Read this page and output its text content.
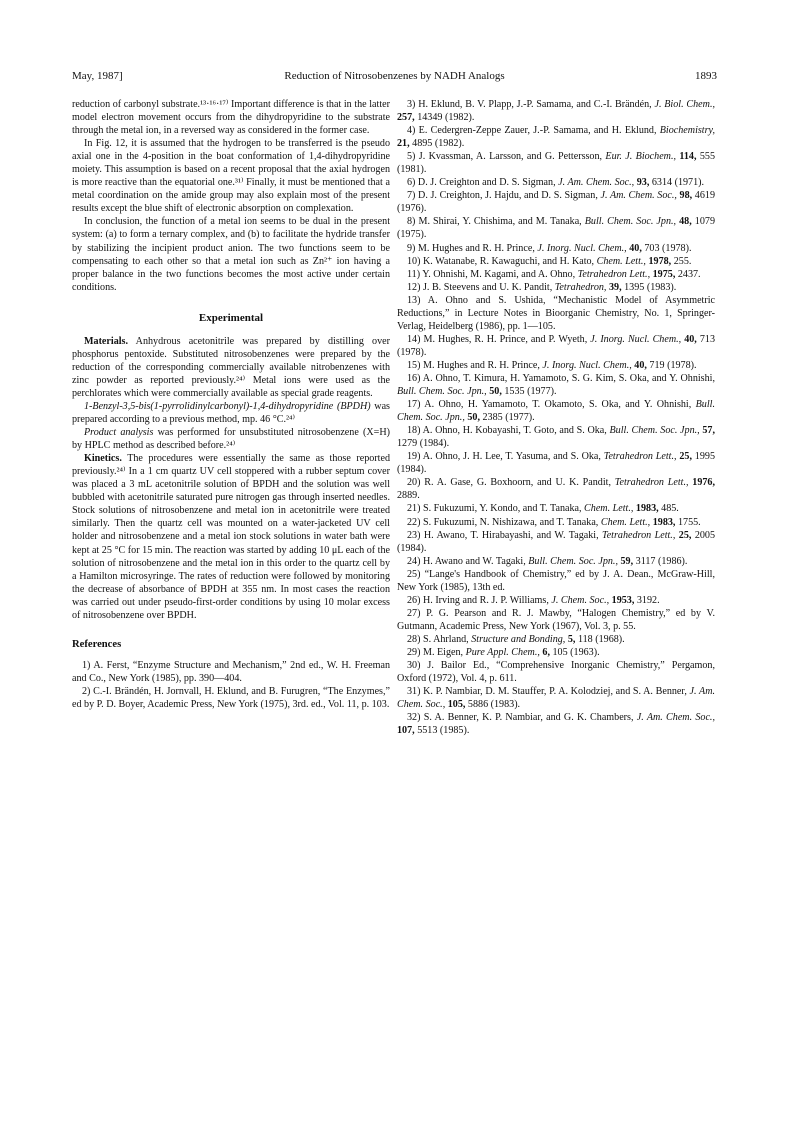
May, 1987]	Reduction of Nitrosobenzenes by NADH Analogs	1893

reduction of carbonyl substrate.¹³·¹⁶·¹⁷⁾ Important difference is that in the latter model electron movement occurs from the dihydropyridine to the substrate through the metal ion, in a reversed way as considered in the former case.

In Fig. 12, it is assumed that the hydrogen to be transferred is the pseudo axial one in the 4-position in the boat conformation of 1,4-dihydropyridine moiety. This assumption is based on a recent proposal that the axial hydrogen is more reactive than the equatorial one.³¹⁾ Finally, it must be mentioned that a metal coordination on the amide group may also explain most of the present results except the blue shift of electronic absorption on complexation.

In conclusion, the function of a metal ion seems to be dual in the present system: (a) to form a ternary complex, and (b) to facilitate the hydride transfer by stabilizing the incipient product anion. The two functions seem to be compensating to each other so that a metal ion such as Zn²⁺ ion having a proper balance in the two functions becomes the most active under certain conditions.

Experimental

Materials. Anhydrous acetonitrile was prepared by distilling over phosphorus pentoxide. Substituted nitrosobenzenes were prepared by the reduction of the corresponding commercially available nitrobenzenes with zinc powder as reported previously.²⁴⁾ Metal ions were used as the perchlorates which were commercially available as special grade reagents.

1-Benzyl-3,5-bis(1-pyrrolidinylcarbonyl)-1,4-dihydropyridine (BPDH) was prepared according to a previous method, mp. 46 °C.²⁴⁾

Product analysis was performed for unsubstituted nitrosobenzene (X=H) by HPLC method as described before.²⁴⁾

Kinetics. The procedures were essentially the same as those reported previously.²⁴⁾ In a 1 cm quartz UV cell stoppered with a rubber septum cover was placed a 3 mL acetonitrile solution of BPDH and the solution was well bubbled with acetonitrile saturated pure nitrogen gas through inserted needles. Stock solutions of nitrosobenzene and metal ion in acetonitrile were treated similarly. Then the quartz cell was mounted on a water-jacketed UV cell holder and nitrosobenzene and a metal ion stock solutions in water bath were kept at 25 °C for 15 min. The reaction was started by adding 10 μL each of the solution of nitrosobenzene and the metal ion in this order to the quartz cell by a Hamilton microsyringe. The rates of reduction were followed by monitoring the decrease of absorbance of BPDH at 355 nm. In most cases the reaction was carried out under pseudo-first-order conditions by using 10 molar excess of nitrosobenzene over BPDH.

References

1) A. Ferst, “Enzyme Structure and Mechanism,” 2nd ed., W. H. Freeman and Co., New York (1985), pp. 390—404.

2) C.-I. Brändén, H. Jornvall, H. Eklund, and B. Furugren, “The Enzymes,” ed by P. D. Boyer, Academic Press, New York (1975), 3rd. ed., Vol. 11, p. 103.

3) H. Eklund, B. V. Plapp, J.-P. Samama, and C.-I. Brändén, J. Biol. Chem., 257, 14349 (1982).

4) E. Cedergren-Zeppe Zauer, J.-P. Samama, and H. Eklund, Biochemistry, 21, 4895 (1982).

5) J. Kvassman, A. Larsson, and G. Pettersson, Eur. J. Biochem., 114, 555 (1981).

6) D. J. Creighton and D. S. Sigman, J. Am. Chem. Soc., 93, 6314 (1971).

7) D. J. Creighton, J. Hajdu, and D. S. Sigman, J. Am. Chem. Soc., 98, 4619 (1976).

8) M. Shirai, Y. Chishima, and M. Tanaka, Bull. Chem. Soc. Jpn., 48, 1079 (1975).

9) M. Hughes and R. H. Prince, J. Inorg. Nucl. Chem., 40, 703 (1978).

10) K. Watanabe, R. Kawaguchi, and H. Kato, Chem. Lett., 1978, 255.

11) Y. Ohnishi, M. Kagami, and A. Ohno, Tetrahedron Lett., 1975, 2437.

12) J. B. Steevens and U. K. Pandit, Tetrahedron, 39, 1395 (1983).

13) A. Ohno and S. Ushida, “Mechanistic Model of Asymmetric Reductions,” in Lecture Notes in Bioorganic Chemistry, No. 1, Springer-Verlag, Heidelberg (1986), pp. 1—105.

14) M. Hughes, R. H. Prince, and P. Wyeth, J. Inorg. Nucl. Chem., 40, 713 (1978).

15) M. Hughes and R. H. Prince, J. Inorg. Nucl. Chem., 40, 719 (1978).

16) A. Ohno, T. Kimura, H. Yamamoto, S. G. Kim, S. Oka, and Y. Ohnishi, Bull. Chem. Soc. Jpn., 50, 1535 (1977).

17) A. Ohno, H. Yamamoto, T. Okamoto, S. Oka, and Y. Ohnishi, Bull. Chem. Soc. Jpn., 50, 2385 (1977).

18) A. Ohno, H. Kobayashi, T. Goto, and S. Oka, Bull. Chem. Soc. Jpn., 57, 1279 (1984).

19) A. Ohno, J. H. Lee, T. Yasuma, and S. Oka, Tetrahedron Lett., 25, 1995 (1984).

20) R. A. Gase, G. Boxhoorn, and U. K. Pandit, Tetrahedron Lett., 1976, 2889.

21) S. Fukuzumi, Y. Kondo, and T. Tanaka, Chem. Lett., 1983, 485.

22) S. Fukuzumi, N. Nishizawa, and T. Tanaka, Chem. Lett., 1983, 1755.

23) H. Awano, T. Hirabayashi, and W. Tagaki, Tetrahedron Lett., 25, 2005 (1984).

24) H. Awano and W. Tagaki, Bull. Chem. Soc. Jpn., 59, 3117 (1986).

25) “Lange's Handbook of Chemistry,” ed by J. A. Dean., McGraw-Hill, New York (1985), 13th ed.

26) H. Irving and R. J. P. Williams, J. Chem. Soc., 1953, 3192.

27) P. G. Pearson and R. J. Mawby, “Halogen Chemistry,” ed by V. Gutmann, Academic Press, New York (1967), Vol. 3, p. 55.

28) S. Ahrland, Structure and Bonding, 5, 118 (1968).

29) M. Eigen, Pure Appl. Chem., 6, 105 (1963).

30) J. Bailor Ed., “Comprehensive Inorganic Chemistry,” Pergamon, Oxford (1972), Vol. 4, p. 611.

31) K. P. Nambiar, D. M. Stauffer, P. A. Kolodziej, and S. A. Benner, J. Am. Chem. Soc., 105, 5886 (1983).

32) S. A. Benner, K. P. Nambiar, and G. K. Chambers, J. Am. Chem. Soc., 107, 5513 (1985).
